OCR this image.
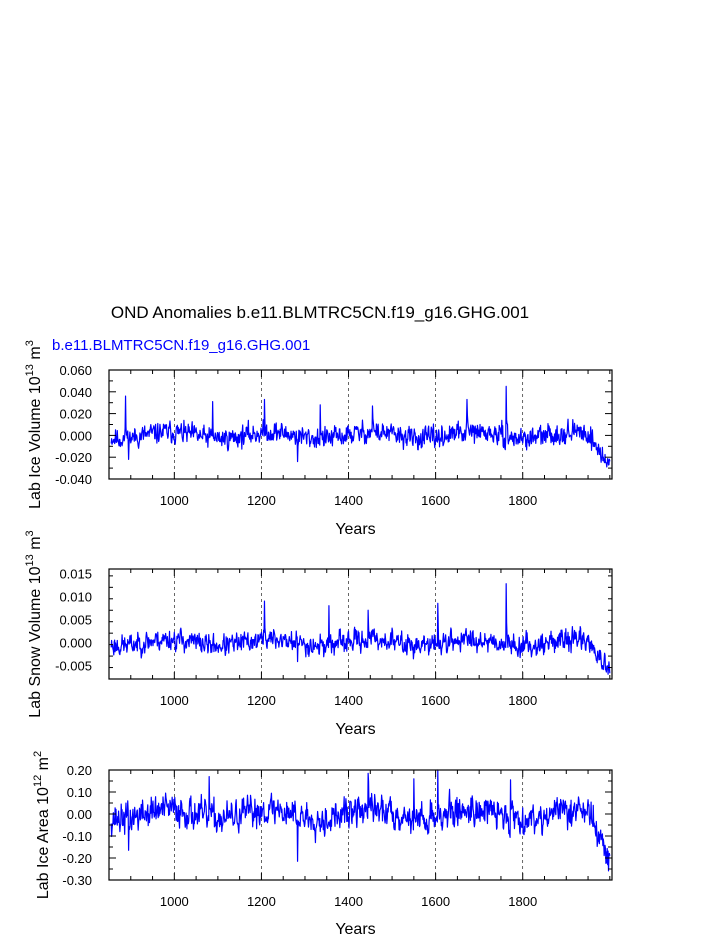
OND Anomalies b.e11.BLMTRC5CN.f19_g16.GHG.001
b.e11.BLMTRC5CN.f19_g16.GHG.001
1000	1200	1400	1600	1800
-0.040
-0.020
0.000
0.020
0.040
0.060
Years
Lab Ice Volume $10^{13}$ $m^3$
1000	1200	1400	1600	1800
-0.005
0.000
0.005
0.010
0.015
Years
Lab Snow Volume $10^{13}$ $m^3$
1000	1200	1400	1600	1800
-0.30
-0.20
-0.10
0.00
0.10
0.20
Years
Lab Ice Area $10^{12}$ $m^2$
